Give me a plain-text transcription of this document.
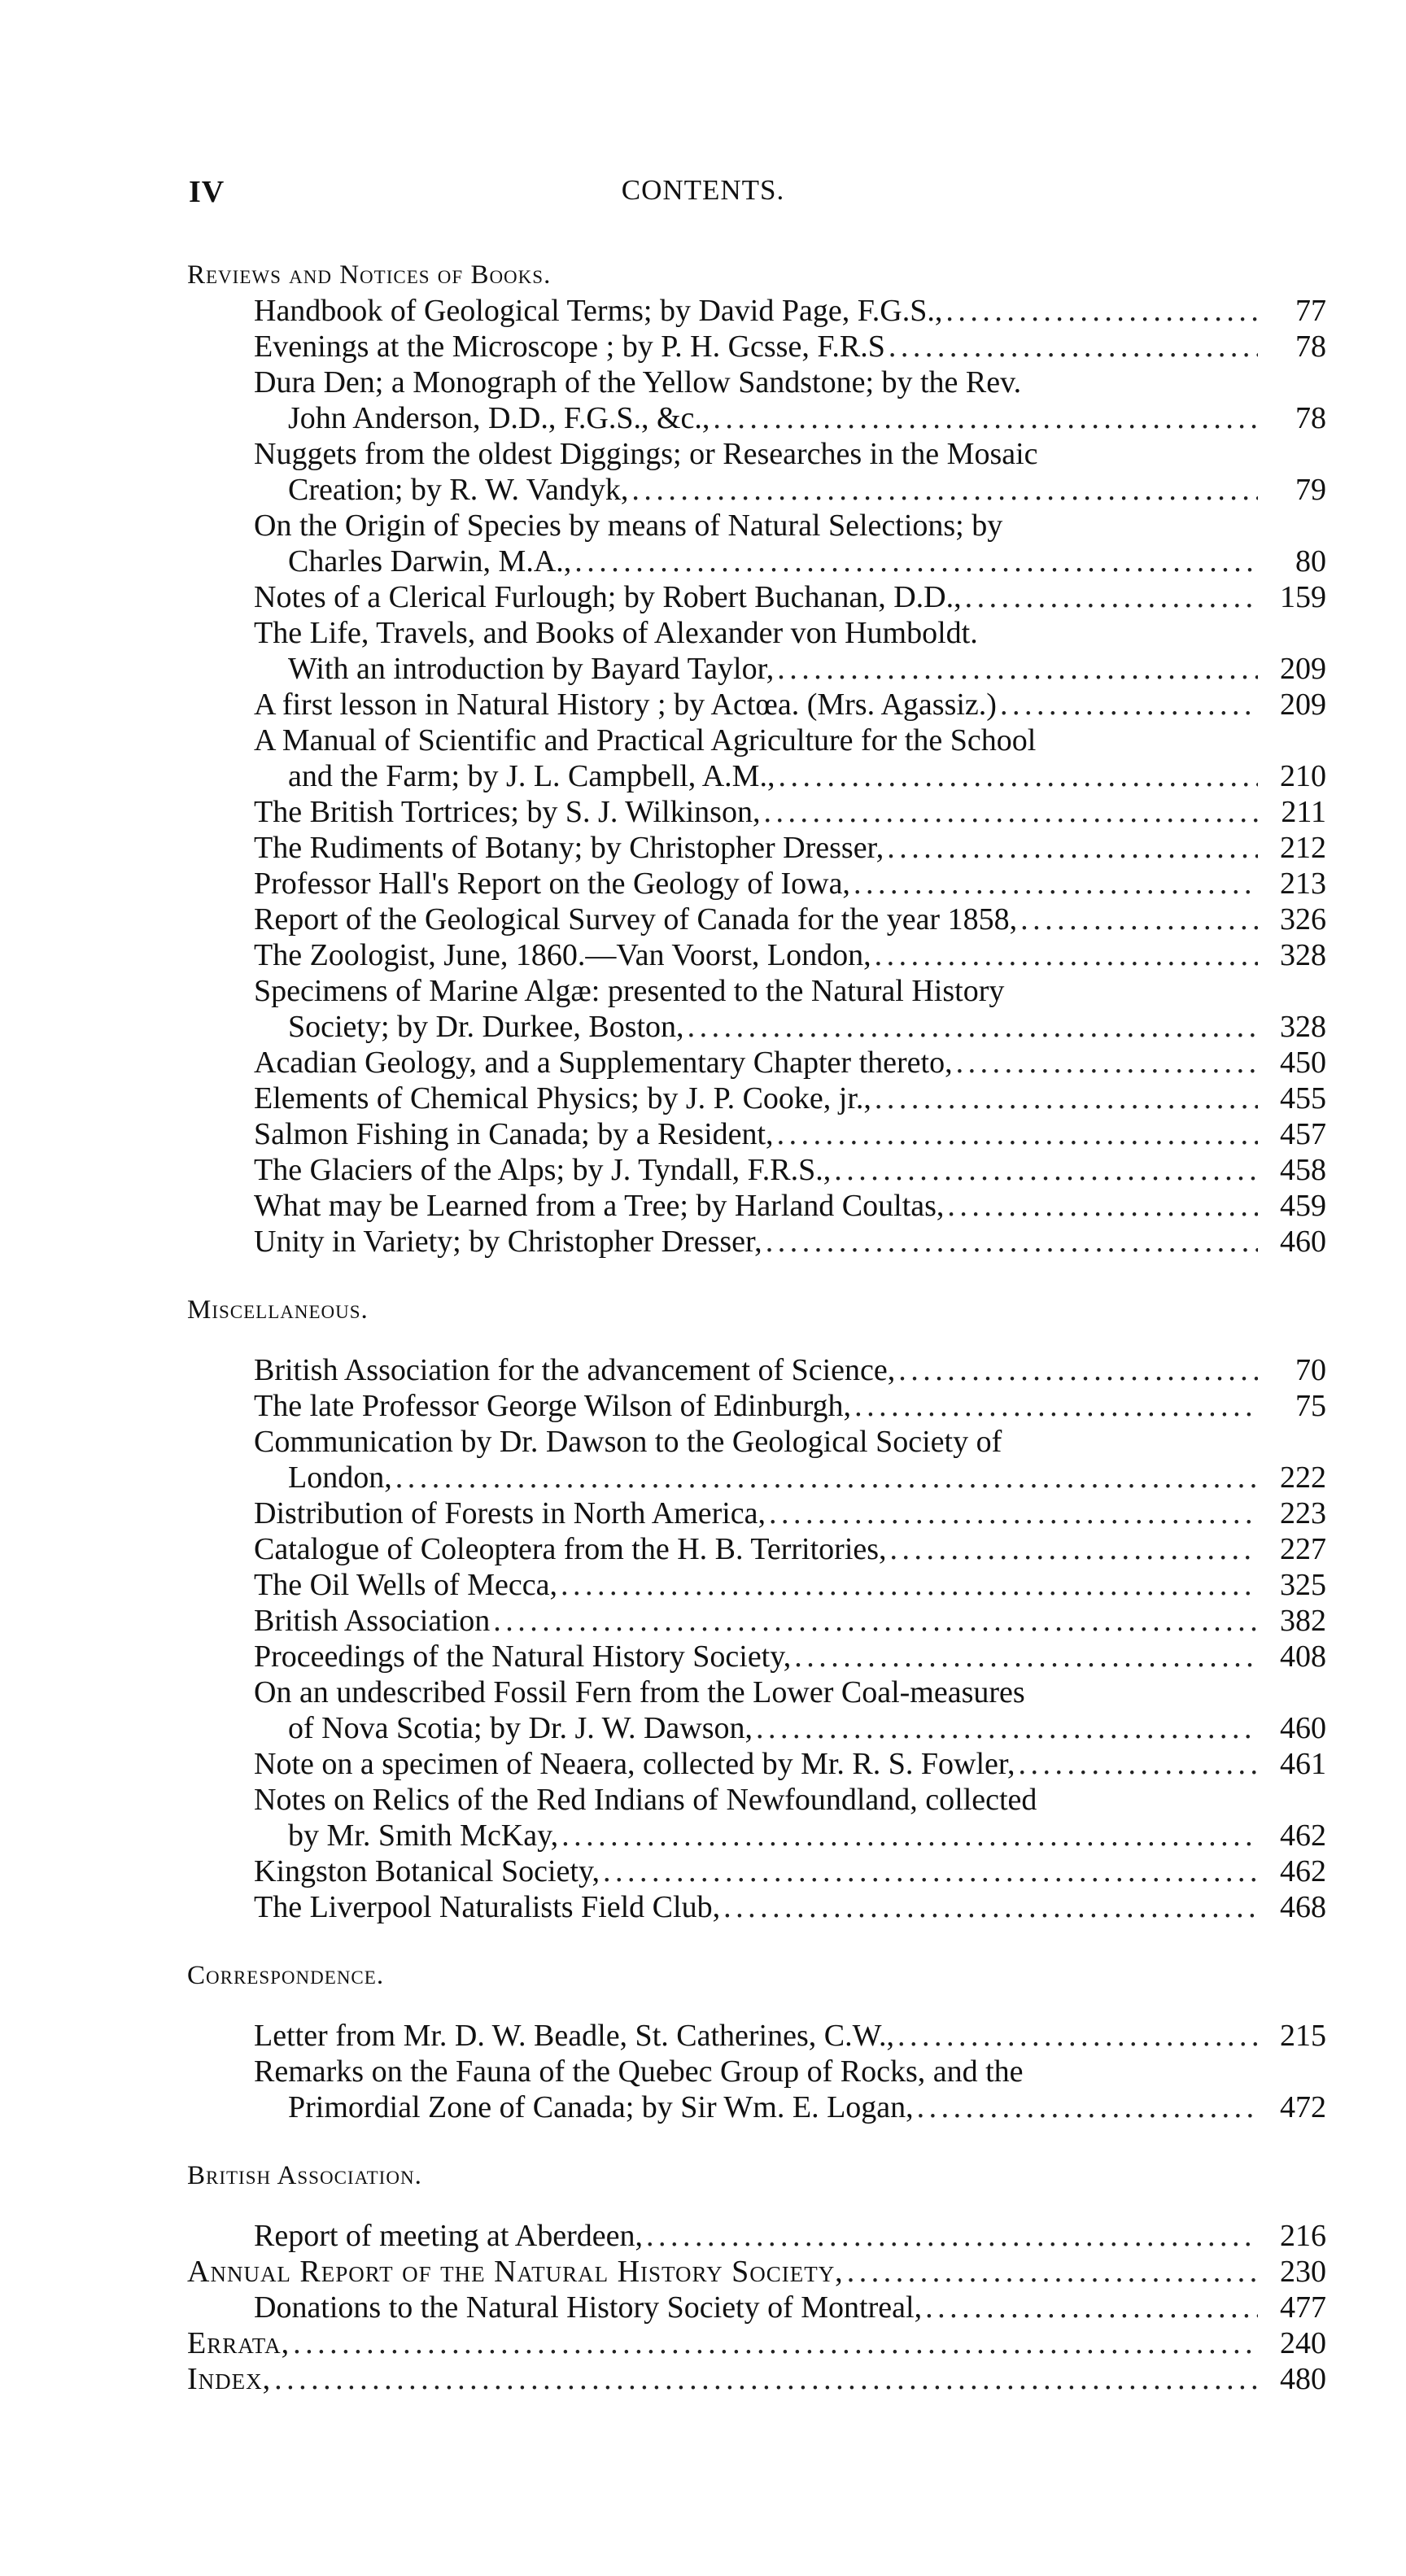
IV	CONTENTS.
Reviews and Notices of Books.
Handbook of Geological Terms; by David Page, F.G.S., . . .	77
Evenings at the Microscope ; by P. H. Gcsse, F.R.S . . .	78
Dura Den; a Monograph of the Yellow Sandstone; by the Rev.
John Anderson, D.D., F.G.S., &c., . . .	78
Nuggets from the oldest Diggings; or Researches in the Mosaic
Creation; by R. W. Vandyk, . . .	79
On the Origin of Species by means of Natural Selections; by
Charles Darwin, M.A., . . .	80
Notes of a Clerical Furlough; by Robert Buchanan, D.D., . . .	159
The Life, Travels, and Books of Alexander von Humboldt.
With an introduction by Bayard Taylor, . . .	209
A first lesson in Natural History ; by Actœa. (Mrs. Agassiz.) . . .	209
A Manual of Scientific and Practical Agriculture for the School
and the Farm; by J. L. Campbell, A.M., . . .	210
The British Tortrices; by S. J. Wilkinson, . . .	211
The Rudiments of Botany; by Christopher Dresser, . . .	212
Professor Hall's Report on the Geology of Iowa, . . .	213
Report of the Geological Survey of Canada for the year 1858, . . .	326
The Zoologist, June, 1860.—Van Voorst, London, . . .	328
Specimens of Marine Algæ: presented to the Natural History
Society; by Dr. Durkee, Boston, . . .	328
Acadian Geology, and a Supplementary Chapter thereto, . . .	450
Elements of Chemical Physics; by J. P. Cooke, jr., . . .	455
Salmon Fishing in Canada; by a Resident, . . .	457
The Glaciers of the Alps; by J. Tyndall, F.R.S., . . .	458
What may be Learned from a Tree; by Harland Coultas, . . .	459
Unity in Variety; by Christopher Dresser, . . .	460
Miscellaneous.
British Association for the advancement of Science, . . .	70
The late Professor George Wilson of Edinburgh, . . .	75
Communication by Dr. Dawson to the Geological Society of
London, . . .	222
Distribution of Forests in North America, . . .	223
Catalogue of Coleoptera from the H. B. Territories, . . .	227
The Oil Wells of Mecca, . . .	325
British Association . . .	382
Proceedings of the Natural History Society, . . .	408
On an undescribed Fossil Fern from the Lower Coal-measures
of Nova Scotia; by Dr. J. W. Dawson, . . .	460
Note on a specimen of Neaera, collected by Mr. R. S. Fowler, . . .	461
Notes on Relics of the Red Indians of Newfoundland, collected
by Mr. Smith McKay, . . .	462
Kingston Botanical Society, . . .	462
The Liverpool Naturalists Field Club, . . .	468
Correspondence.
Letter from Mr. D. W. Beadle, St. Catherines, C.W., . . .	215
Remarks on the Fauna of the Quebec Group of Rocks, and the
Primordial Zone of Canada; by Sir Wm. E. Logan, . . .	472
British Association.
Report of meeting at Aberdeen, . . .	216
Annual Report of the Natural History Society, . . .	230
Donations to the Natural History Society of Montreal, . . .	477
Errata, . . .	240
Index, . . .	480
